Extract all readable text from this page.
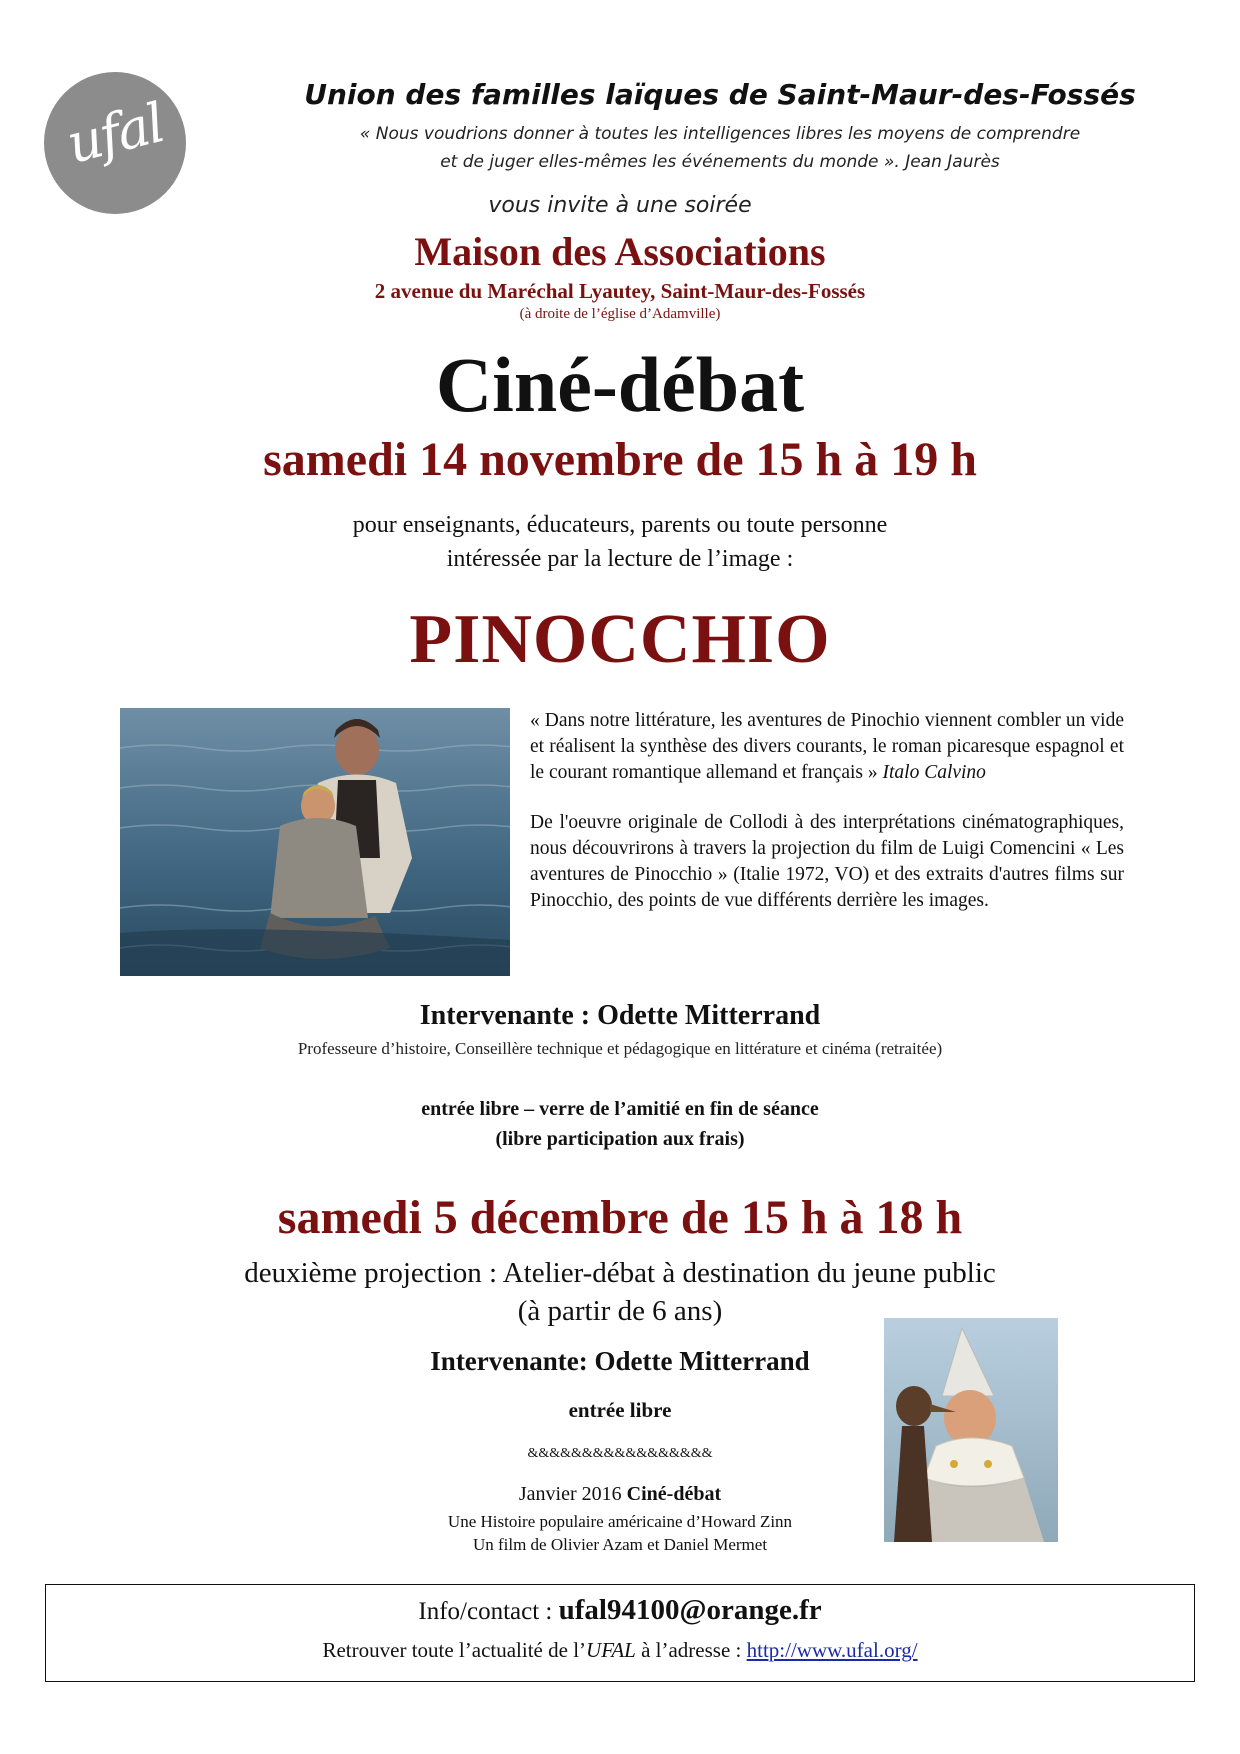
ufal	Union des familles laïques de Saint-Maur-des-Fossés
« Nous voudrions donner à toutes les intelligences libres les moyens de comprendre
et de juger elles-mêmes les événements du monde ». Jean Jaurès
vous invite à une soirée
Maison des Associations
2 avenue du Maréchal Lyautey, Saint-Maur-des-Fossés
(à droite de l’église d’Adamville)
Ciné-débat
samedi 14 novembre de 15 h à 19 h
pour enseignants, éducateurs, parents ou toute personne
intéressée par la lecture de l’image :
PINOCCHIO

« Dans notre littérature, les aventures de Pinochio viennent combler un vide et réalisent la synthèse des divers courants, le roman picaresque espagnol et le courant romantique allemand et français » Italo Calvino

De l'oeuvre originale de Collodi à des interprétations cinématographiques, nous découvrirons à travers la projection du film de Luigi Comencini « Les aventures de Pinocchio » (Italie 1972, VO) et des extraits d'autres films sur Pinocchio, des points de vue différents derrière les images.

Intervenante : Odette Mitterrand
Professeure d’histoire, Conseillère technique et pédagogique en littérature et cinéma (retraitée)
entrée libre – verre de l’amitié en fin de séance
(libre participation aux frais)
samedi 5 décembre de 15 h à 18 h
deuxième projection : Atelier-débat à destination du jeune public
(à partir de 6 ans)
Intervenante: Odette Mitterrand
entrée libre
&&&&&&&&&&&&&&&&&
Janvier 2016 Ciné-débat
Une Histoire populaire américaine d’Howard Zinn
Un film de Olivier Azam et Daniel Mermet
Info/contact : ufal94100@orange.fr
Retrouver toute l’actualité de l’UFAL à l’adresse : http://www.ufal.org/
